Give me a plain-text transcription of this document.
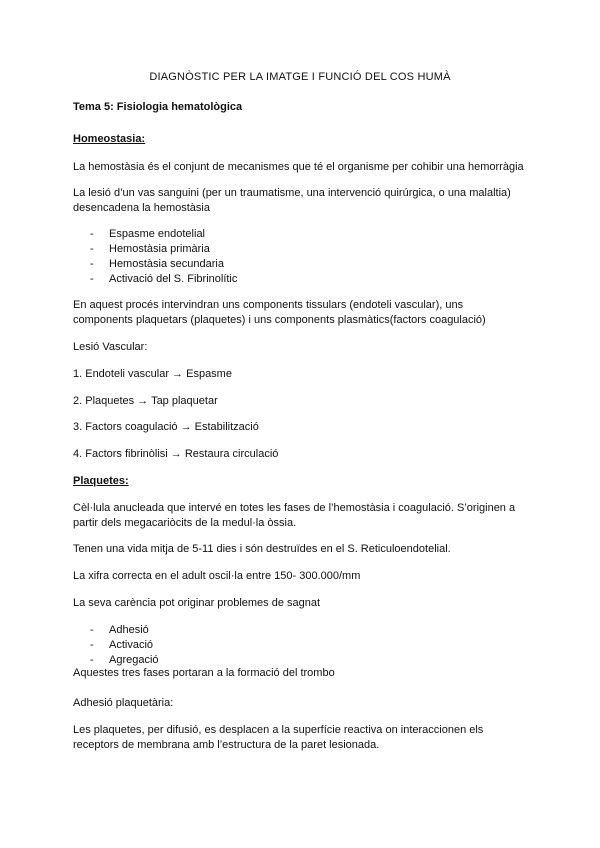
DIAGNÒSTIC PER LA IMATGE I FUNCIÓ DEL COS HUMÀ

Tema 5: Fisiologia hematològica

Homeostasia:

La hemostàsia és el conjunt de mecanismes que té el organisme per cohibir una hemorràgia

La lesió d’un vas sanguini (per un traumatisme, una intervenció quirúrgica, o una malaltia)

desencadena la hemostàsia

- Espasme endotelial
- Hemostàsia primària
- Hemostàsia secundaria
- Activació del S. Fibrinolític

En aquest procés intervindran uns components tissulars (endoteli vascular), uns

components plaquetars (plaquetes) i uns components plasmàtics(factors coagulació)

Lesió Vascular:

1. Endoteli vascular → Espasme

2. Plaquetes → Tap plaquetar

3. Factors coagulació → Estabilització

4. Factors fibrinòlisi → Restaura circulació

Plaquetes:

Cèl·lula anucleada que intervé en totes les fases de l’hemostàsia i coagulació. S’originen a

partir dels megacariòcits de la medul·la òssia.

Tenen una vida mitja de 5-11 dies i són destruïdes en el S. Reticuloendotelial.

La xifra correcta en el adult oscil·la entre 150- 300.000/mm

La seva carència pot originar problemes de sagnat

- Adhesió
- Activació
- Agregació

Aquestes tres fases portaran a la formació del trombo

Adhesió plaquetària:

Les plaquetes, per difusió, es desplacen a la superfície reactiva on interaccionen els

receptors de membrana amb l’estructura de la paret lesionada.
